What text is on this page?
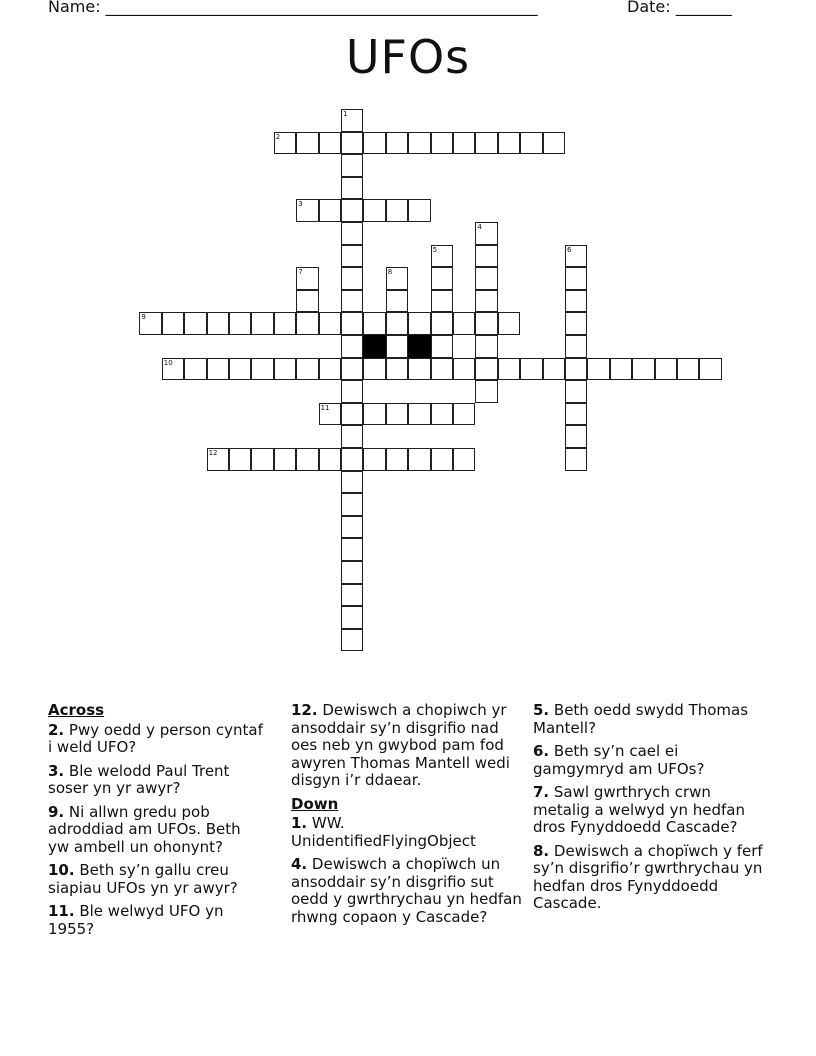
Name: ______________________________________________________	Date: _______
UFOs
2
3
9
10
11
12
1
4
5	6
7	8
Across
2. Pwy oedd y person cyntaf i weld UFO?
3. Ble welodd Paul Trent soser yn yr awyr?
9. Ni allwn gredu pob adroddiad am UFOs. Beth yw ambell un ohonynt?
10. Beth sy’n gallu creu siapiau UFOs yn yr awyr?
11. Ble welwyd UFO yn 1955?
12. Dewiswch a chopiwch yr ansoddair sy’n disgrifio nad oes neb yn gwybod pam fod awyren Thomas Mantell wedi disgyn i’r ddaear.
Down
1. WW. UnidentifiedFlyingObject
4. Dewiswch a chopïwch un ansoddair sy’n disgrifio sut oedd y gwrthrychau yn hedfan rhwng copaon y Cascade?
5. Beth oedd swydd Thomas Mantell?
6. Beth sy’n cael ei gamgymryd am UFOs?
7. Sawl gwrthrych crwn metalig a welwyd yn hedfan dros Fynyddoedd Cascade?
8. Dewiswch a chopïwch y ferf sy’n disgrifio’r gwrthrychau yn hedfan dros Fynyddoedd Cascade.
